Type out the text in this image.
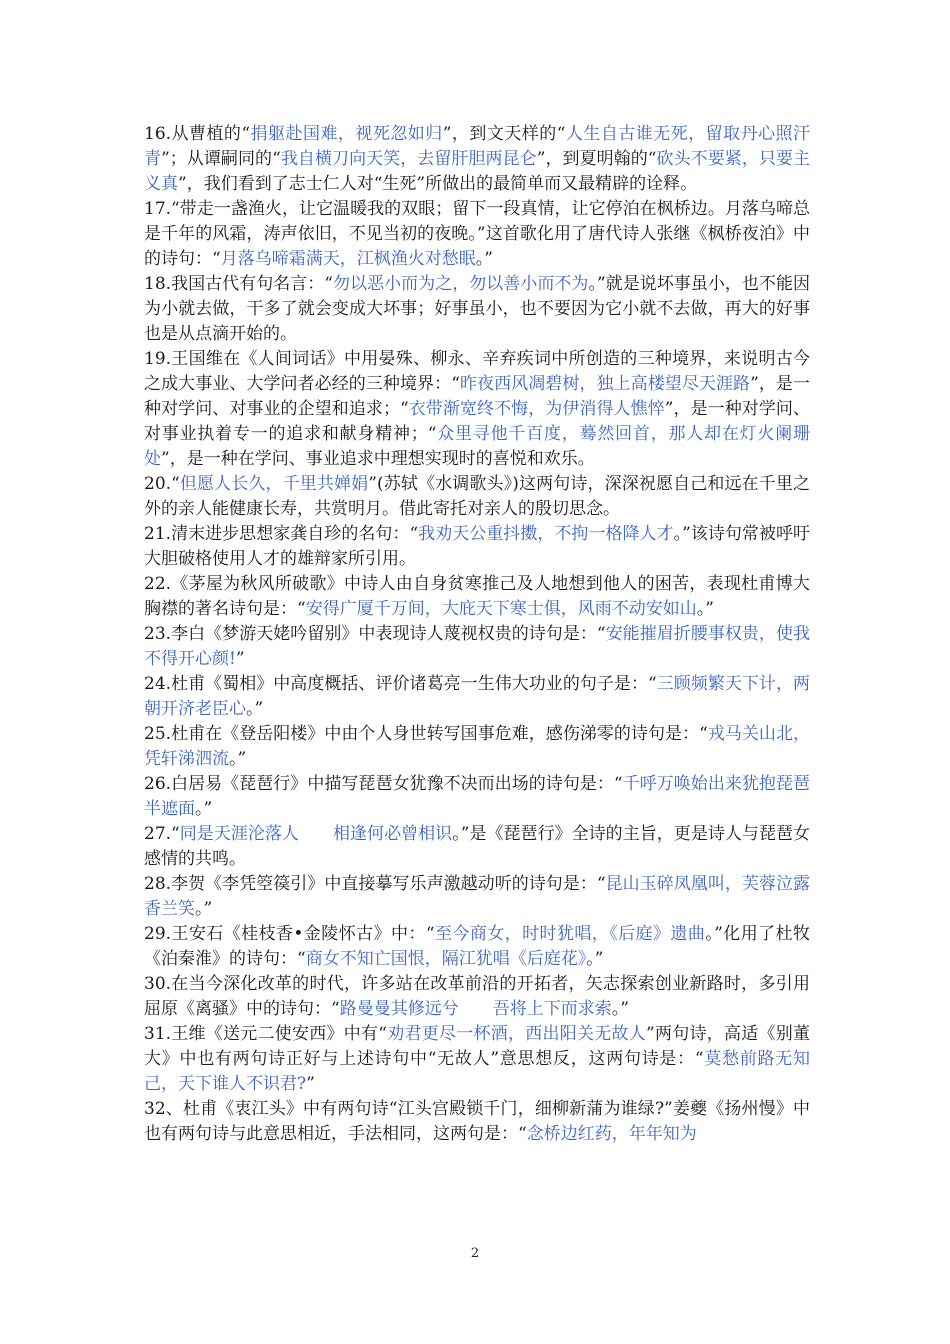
16.从曹植的“捐躯赴国难，视死忽如归”，到文天样的“人生自古谁无死，留取丹心照汗青”；从谭嗣同的“我自横刀向天笑，去留肝胆两昆仑”，到夏明翰的“砍头不要紧，只要主义真”，我们看到了志士仁人对“生死”所做出的最简单而又最精辟的诠释。

17.“带走一盏渔火，让它温暖我的双眼；留下一段真情，让它停泊在枫桥边。月落乌啼总是千年的风霜，涛声依旧，不见当初的夜晚。”这首歌化用了唐代诗人张继《枫桥夜泊》中的诗句：“月落乌啼霜满天，江枫渔火对愁眠。”

18.我国古代有句名言：“勿以恶小而为之，勿以善小而不为。”就是说坏事虽小，也不能因为小就去做，干多了就会变成大坏事；好事虽小，也不要因为它小就不去做，再大的好事也是从点滴开始的。

19.王国维在《人间词话》中用晏殊、柳永、辛弃疾词中所创造的三种境界，来说明古今之成大事业、大学问者必经的三种境界：“昨夜西风凋碧树，独上高楼望尽天涯路”，是一种对学问、对事业的企望和追求；“衣带渐宽终不悔，为伊消得人憔悴”，是一种对学问、对事业执着专一的追求和献身精神；“众里寻他千百度，蓦然回首，那人却在灯火阑珊处”，是一种在学问、事业追求中理想实现时的喜悦和欢乐。

20.“但愿人长久，千里共婵娟”(苏轼《水调歌头》)这两句诗，深深祝愿自己和远在千里之外的亲人能健康长寿，共赏明月。借此寄托对亲人的殷切思念。

21.清末进步思想家龚自珍的名句：“我劝天公重抖擞，不拘一格降人才。”该诗句常被呼吁大胆破格使用人才的雄辩家所引用。

22.《茅屋为秋风所破歌》中诗人由自身贫寒推己及人地想到他人的困苦，表现杜甫博大胸襟的著名诗句是：“安得广厦千万间，大庇天下寒士俱，风雨不动安如山。”

23.李白《梦游天姥吟留别》中表现诗人蔑视权贵的诗句是：“安能摧眉折腰事权贵，使我不得开心颜!”

24.杜甫《蜀相》中高度概括、评价诸葛亮一生伟大功业的句子是：“三顾频繁天下计，两朝开济老臣心。”

25.杜甫在《登岳阳楼》中由个人身世转写国事危难，感伤涕零的诗句是：“戎马关山北，凭轩涕泗流。”

26.白居易《琵琶行》中描写琵琶女犹豫不决而出场的诗句是：“千呼万唤始出来犹抱琵琶半遮面。”

27.“同是天涯沦落人 相逢何必曾相识。”是《琵琶行》全诗的主旨，更是诗人与琵琶女感情的共鸣。

28.李贺《李凭箜篌引》中直接摹写乐声激越动听的诗句是：“昆山玉碎凤凰叫，芙蓉泣露香兰笑。”

29.王安石《桂枝香•金陵怀古》中：“至今商女，时时犹唱，《后庭》遗曲。”化用了杜牧《泊秦淮》的诗句：“商女不知亡国恨，隔江犹唱《后庭花》。”

30.在当今深化改革的时代，许多站在改革前沿的开拓者，矢志探索创业新路时，多引用屈原《离骚》中的诗句：“路曼曼其修远兮 吾将上下而求索。”

31.王维《送元二使安西》中有“劝君更尽一杯酒，西出阳关无故人”两句诗，高适《别董大》中也有两句诗正好与上述诗句中“无故人”意思想反，这两句诗是：“莫愁前路无知己，天下谁人不识君?”

32、杜甫《衷江头》中有两句诗“江头宫殿锁千门，细柳新蒲为谁绿?”姜夔《扬州慢》中也有两句诗与此意思相近，手法相同，这两句是：“念桥边红药，年年知为

2
